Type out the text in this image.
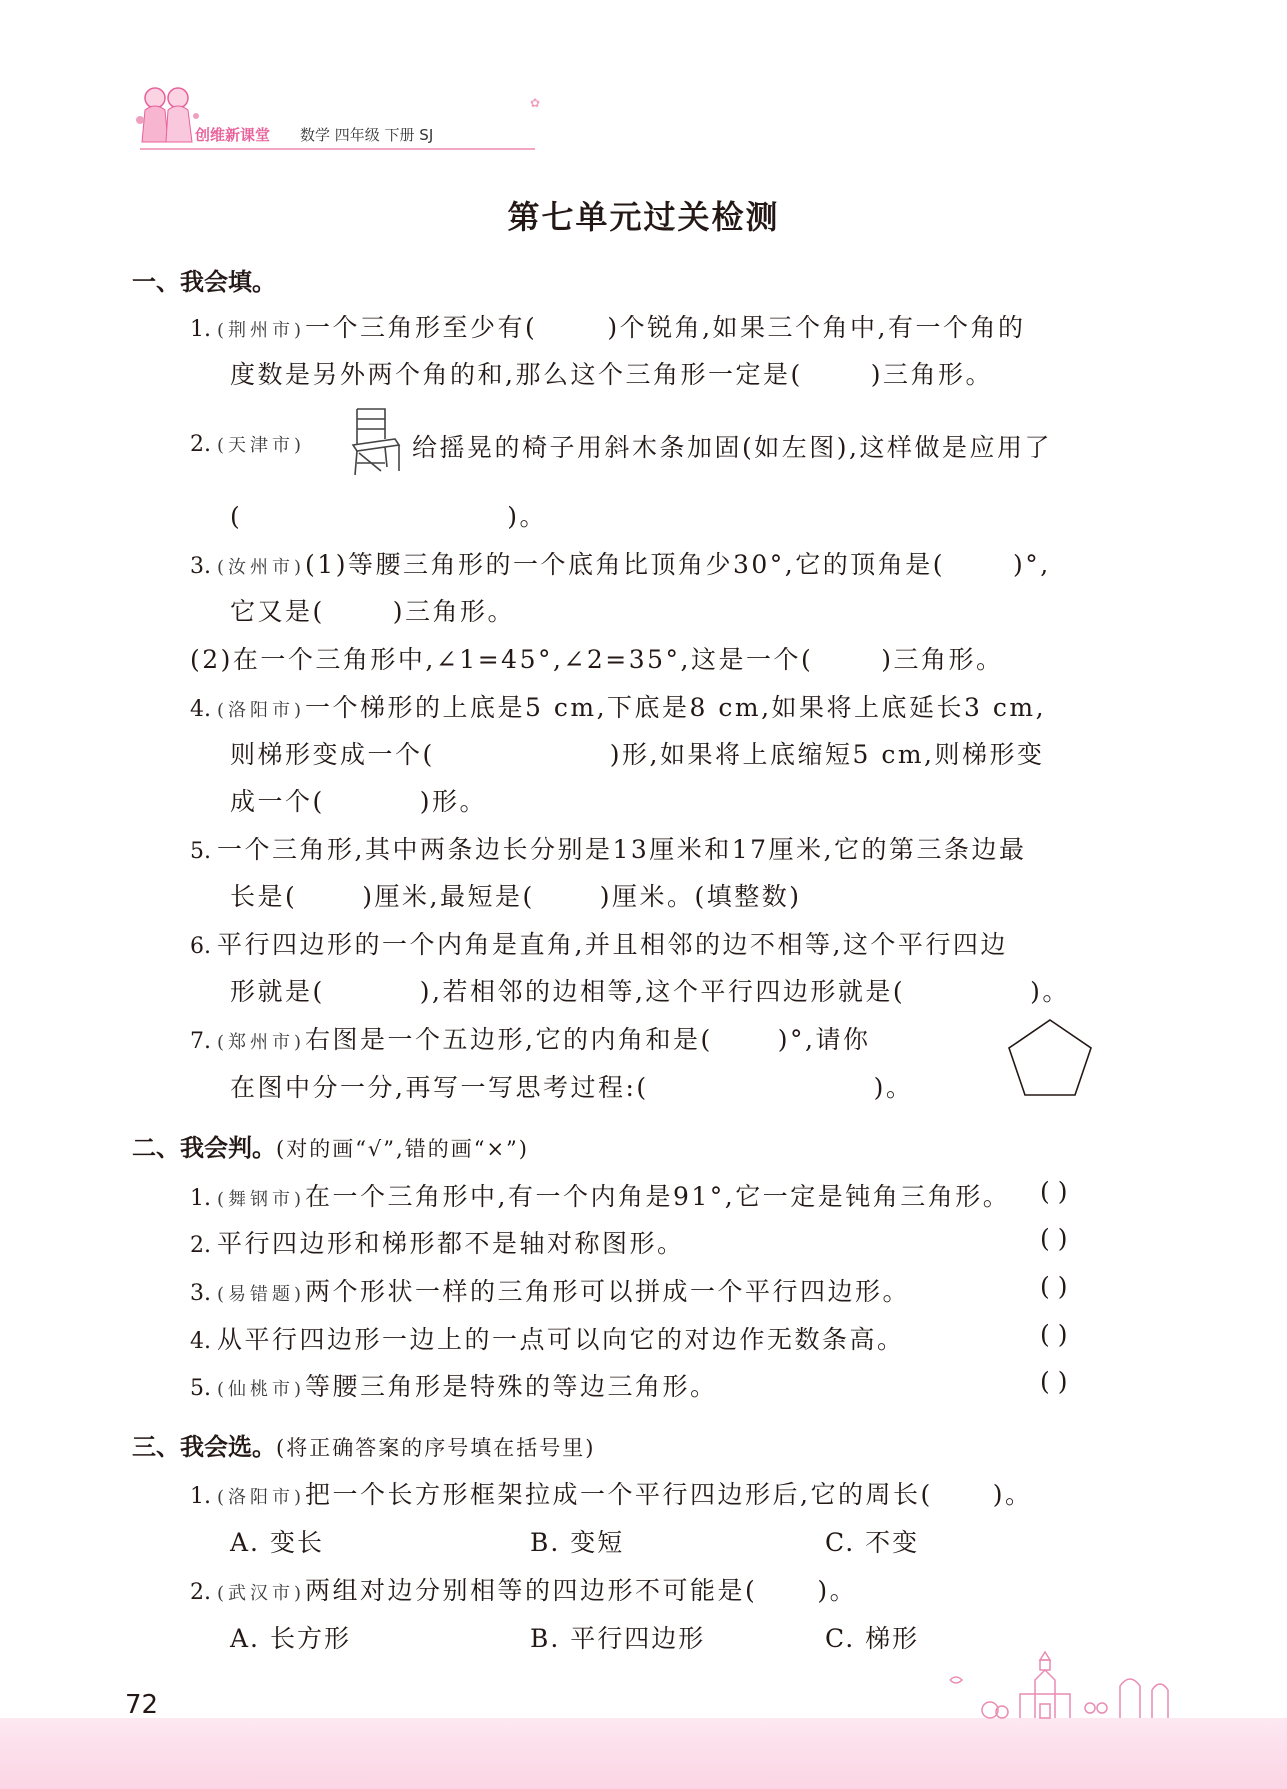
创维新课堂 数学 四年级 下册 SJ
✿
第七单元过关检测
一、我会填。
1. (荆州市)一个三角形至少有(	)个锐角,如果三个角中,有一个角的
度数是另外两个角的和,那么这个三角形一定是(	)三角形。
2. (天津市)	给摇晃的椅子用斜木条加固(如左图),这样做是应用了
(	)。
3. (汝州市)(1)等腰三角形的一个底角比顶角少30°,它的顶角是(	)°,
它又是(	)三角形。
(2)在一个三角形中,∠1=45°,∠2=35°,这是一个(	)三角形。
4. (洛阳市)一个梯形的上底是5 cm,下底是8 cm,如果将上底延长3 cm,
则梯形变成一个(	)形,如果将上底缩短5 cm,则梯形变
成一个(	)形。
5. 一个三角形,其中两条边长分别是13厘米和17厘米,它的第三条边最
长是(	)厘米,最短是(	)厘米。(填整数)
6. 平行四边形的一个内角是直角,并且相邻的边不相等,这个平行四边
形就是(	),若相邻的边相等,这个平行四边形就是(	)。
7. (郑州市)右图是一个五边形,它的内角和是(	)°,请你
在图中分一分,再写一写思考过程:(	)。
二、我会判。(对的画“√”,错的画“×”)
1. (舞钢市)在一个三角形中,有一个内角是91°,它一定是钝角三角形。 ( )
2. 平行四边形和梯形都不是轴对称图形。	( )
3. (易错题)两个形状一样的三角形可以拼成一个平行四边形。	( )
4. 从平行四边形一边上的一点可以向它的对边作无数条高。	( )
5. (仙桃市)等腰三角形是特殊的等边三角形。	( )
三、我会选。(将正确答案的序号填在括号里)
1. (洛阳市)把一个长方形框架拉成一个平行四边形后,它的周长( )。
A. 变长	B. 变短	C. 不变
2. (武汉市)两组对边分别相等的四边形不可能是( )。
A. 长方形	B. 平行四边形	C. 梯形
72
